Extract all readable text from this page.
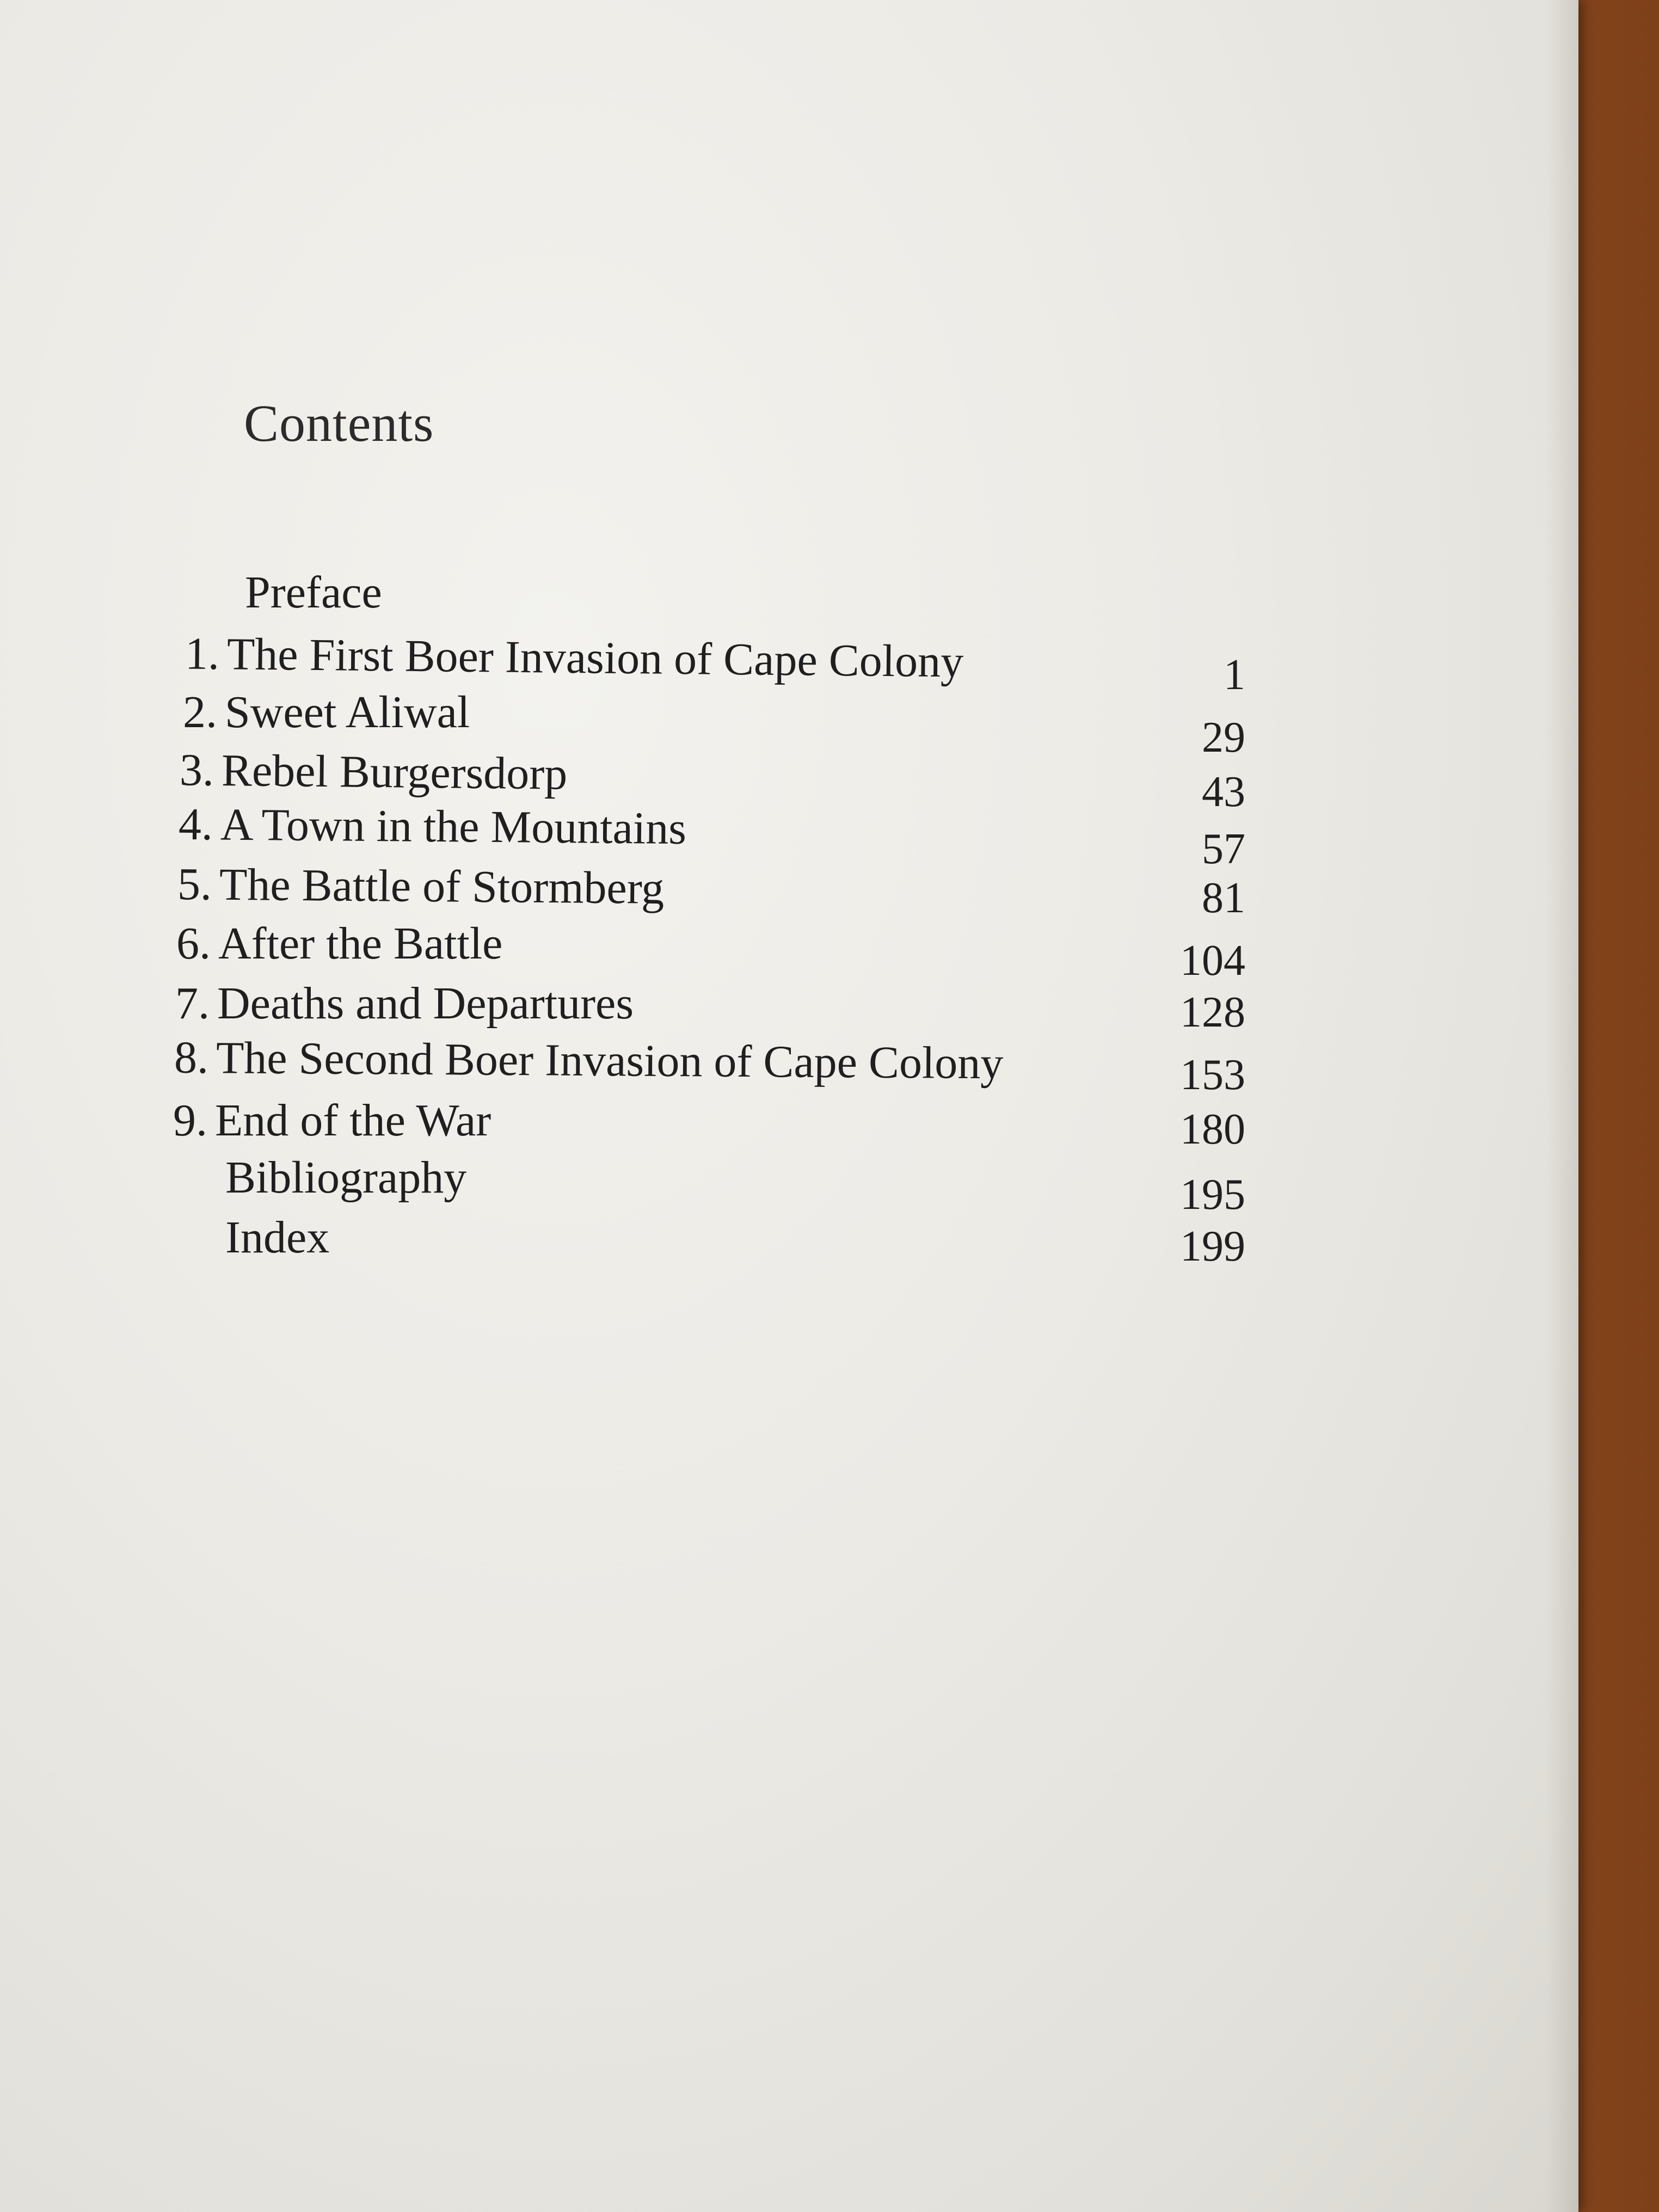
Contents
Preface
1. The First Boer Invasion of Cape Colony
2. Sweet Aliwal
3. Rebel Burgersdorp
4. A Town in the Mountains
5. The Battle of Stormberg
6. After the Battle
7. Deaths and Departures
8. The Second Boer Invasion of Cape Colony
9. End of the War
Bibliography
Index
1
29
43
57
81
104
128
153
180
195
199
